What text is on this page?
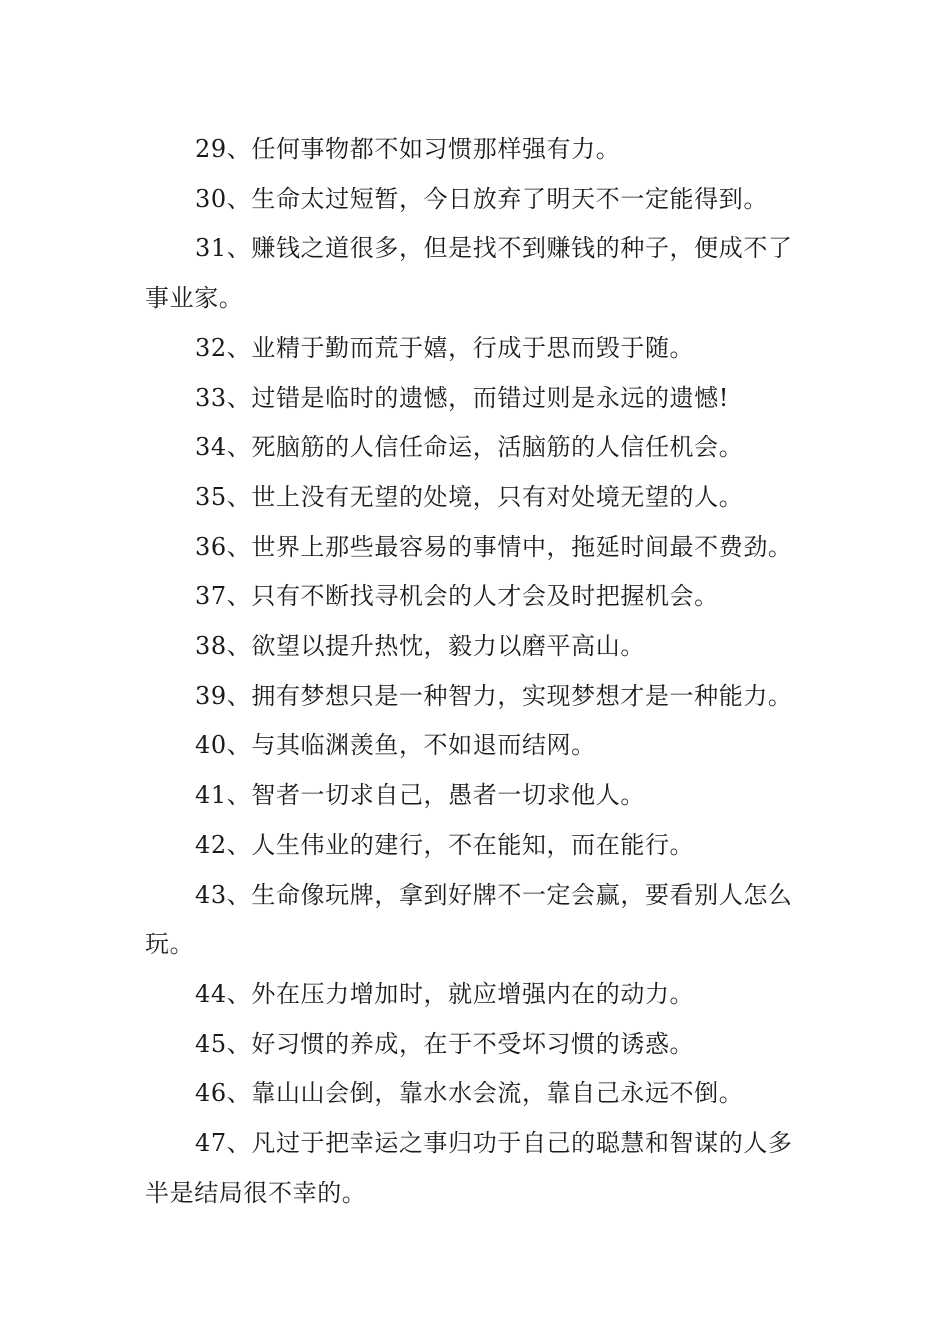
29、任何事物都不如习惯那样强有力。

30、生命太过短暂，今日放弃了明天不一定能得到。

31、赚钱之道很多，但是找不到赚钱的种子，便成不了事业家。

32、业精于勤而荒于嬉，行成于思而毁于随。

33、过错是临时的遗憾，而错过则是永远的遗憾!

34、死脑筋的人信任命运，活脑筋的人信任机会。

35、世上没有无望的处境，只有对处境无望的人。

36、世界上那些最容易的事情中，拖延时间最不费劲。

37、只有不断找寻机会的人才会及时把握机会。

38、欲望以提升热忱，毅力以磨平高山。

39、拥有梦想只是一种智力，实现梦想才是一种能力。

40、与其临渊羡鱼，不如退而结网。

41、智者一切求自己，愚者一切求他人。

42、人生伟业的建行，不在能知，而在能行。

43、生命像玩牌，拿到好牌不一定会赢，要看别人怎么玩。

44、外在压力增加时，就应增强内在的动力。

45、好习惯的养成，在于不受坏习惯的诱惑。

46、靠山山会倒，靠水水会流，靠自己永远不倒。

47、凡过于把幸运之事归功于自己的聪慧和智谋的人多半是结局很不幸的。
